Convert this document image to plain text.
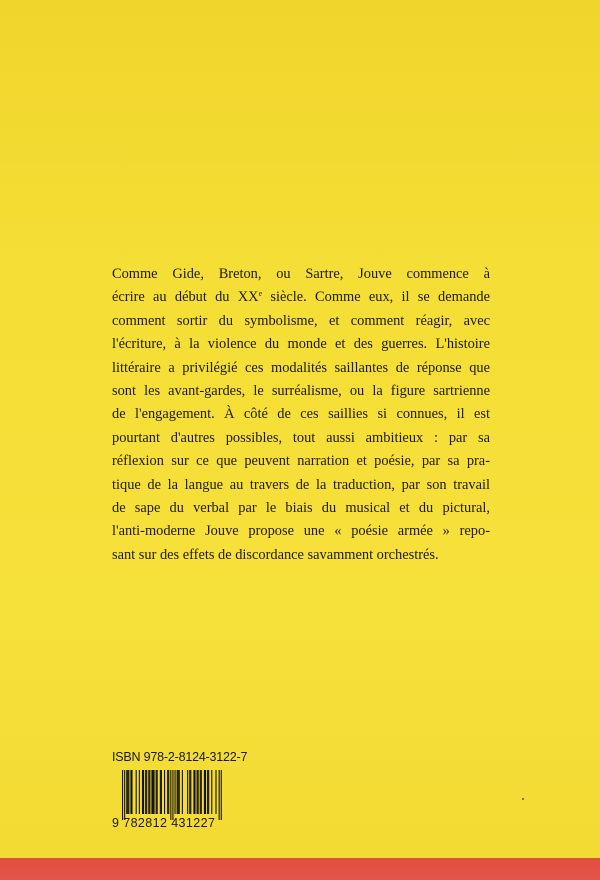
Comme Gide, Breton, ou Sartre, Jouve commence à
écrire au début du XXe siècle. Comme eux, il se demande
comment sortir du symbolisme, et comment réagir, avec
l'écriture, à la violence du monde et des guerres. L'histoire
littéraire a privilégié ces modalités saillantes de réponse que
sont les avant-gardes, le surréalisme, ou la figure sartrienne
de l'engagement. À côté de ces saillies si connues, il est
pourtant d'autres possibles, tout aussi ambitieux : par sa
réflexion sur ce que peuvent narration et poésie, par sa pra-
tique de la langue au travers de la traduction, par son travail
de sape du verbal par le biais du musical et du pictural,
l'anti-moderne Jouve propose une « poésie armée » repo-
sant sur des effets de discordance savamment orchestrés.
ISBN 978-2-8124-3122-7
9 782812 431227
